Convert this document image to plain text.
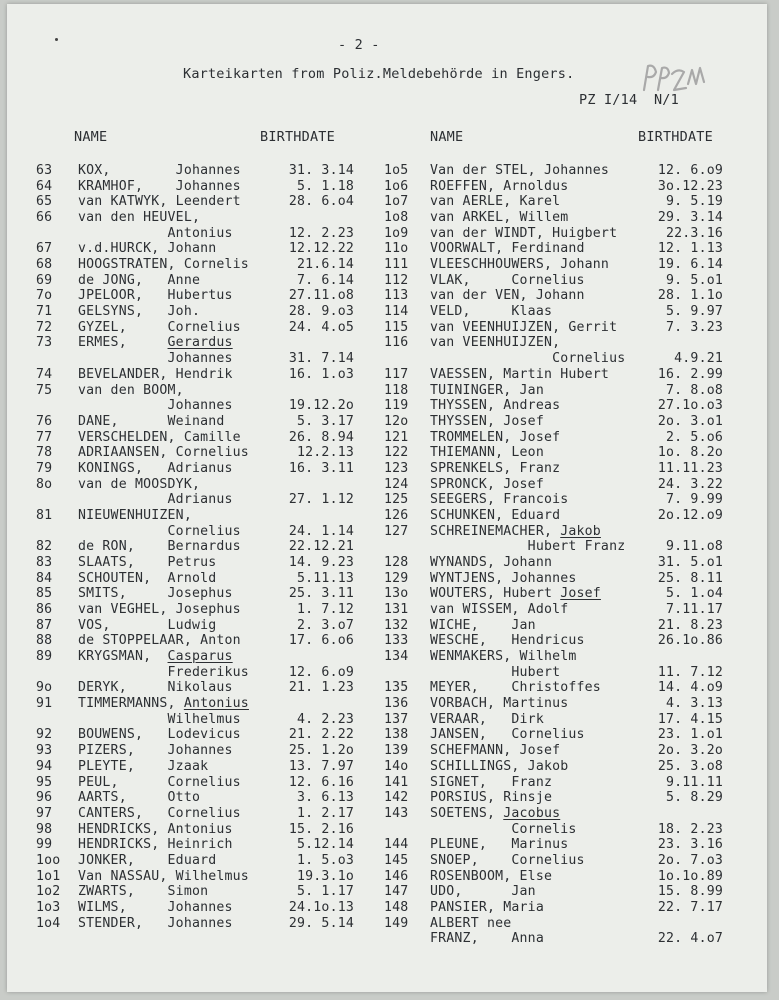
- 2 -
Karteikarten from Poliz.Meldebehörde in Engers.
PZ I/14  N/1
NAME	BIRTHDATE	NAME	BIRTHDATE
63 KOX,        Johannes	31. 3.14
64 KRAMHOF,    Johannes	5. 1.18
65 van KATWYK, Leendert	28. 6.o4
66 van den HEUVEL,
Antonius	12. 2.23
67 v.d.HURCK, Johann	12.12.22
68 HOOGSTRATEN, Cornelis	21.6.14
69 de JONG,   Anne	7. 6.14
7o JPELOOR,   Hubertus	27.11.o8
71 GELSYNS,   Joh.	28. 9.o3
72 GYZEL,     Cornelius	24. 4.o5
73 ERMES,     Gerardus
Johannes	31. 7.14
74 BEVELANDER, Hendrik	16. 1.o3
75 van den BOOM,
Johannes	19.12.2o
76 DANE,      Weinand	5. 3.17
77 VERSCHELDEN, Camille	26. 8.94
78 ADRIAANSEN, Cornelius	12.2.13
79 KONINGS,   Adrianus	16. 3.11
8o van de MOOSDYK,
Adrianus	27. 1.12
81 NIEUWENHUIZEN,
Cornelius	24. 1.14
82 de RON,    Bernardus	22.12.21
83 SLAATS,    Petrus	14. 9.23
84 SCHOUTEN,  Arnold	5.11.13
85 SMITS,     Josephus	25. 3.11
86 van VEGHEL, Josephus	1. 7.12
87 VOS,       Ludwig	2. 3.o7
88 de STOPPELAAR, Anton	17. 6.o6
89 KRYGSMAN,  Casparus
Frederikus	12. 6.o9
9o DERYK,     Nikolaus	21. 1.23
91 TIMMERMANNS, Antonius
Wilhelmus	4. 2.23
92 BOUWENS,   Lodevicus	21. 2.22
93 PIZERS,    Johannes	25. 1.2o
94 PLEYTE,    Jzaak	13. 7.97
95 PEUL,      Cornelius	12. 6.16
96 AARTS,     Otto	3. 6.13
97 CANTERS,   Cornelius	1. 2.17
98 HENDRICKS, Antonius	15. 2.16
99 HENDRICKS, Heinrich	5.12.14
1oo JONKER,    Eduard	1. 5.o3
1o1 Van NASSAU, Wilhelmus	19.3.1o
1o2 ZWARTS,    Simon	5. 1.17
1o3 WILMS,     Johannes	24.1o.13
1o4 STENDER,   Johannes	29. 5.14
1o5 Van der STEL, Johannes	12. 6.o9
1o6 ROEFFEN, Arnoldus	3o.12.23
1o7 van AERLE, Karel	9. 5.19
1o8 van ARKEL, Willem	29. 3.14
1o9 van der WINDT, Huigbert	22.3.16
11o VOORWALT, Ferdinand	12. 1.13
111 VLEESCHHOUWERS, Johann	19. 6.14
112 VLAK,     Cornelius	9. 5.o1
113 van der VEN, Johann	28. 1.1o
114 VELD,     Klaas	5. 9.97
115 van VEENHUIJZEN, Gerrit	7. 3.23
116 van VEENHUIJZEN,
Cornelius	4.9.21
117 VAESSEN, Martin Hubert	16. 2.99
118 TUININGER, Jan	7. 8.o8
119 THYSSEN, Andreas	27.1o.o3
12o THYSSEN, Josef	2o. 3.o1
121 TROMMELEN, Josef	2. 5.o6
122 THIEMANN, Leon	1o. 8.2o
123 SPRENKELS, Franz	11.11.23
124 SPRONCK, Josef	24. 3.22
125 SEEGERS, Francois	7. 9.99
126 SCHUNKEN, Eduard	2o.12.o9
127 SCHREINEMACHER, Jakob
Hubert Franz	9.11.o8
128 WYNANDS, Johann	31. 5.o1
129 WYNTJENS, Johannes	25. 8.11
13o WOUTERS, Hubert Josef	5. 1.o4
131 van WISSEM, Adolf	7.11.17
132 WICHE,    Jan	21. 8.23
133 WESCHE,   Hendricus	26.1o.86
134 WENMAKERS, Wilhelm
Hubert	11. 7.12
135 MEYER,    Christoffes	14. 4.o9
136 VORBACH, Martinus	4. 3.13
137 VERAAR,   Dirk	17. 4.15
138 JANSEN,   Cornelius	23. 1.o1
139 SCHEFMANN, Josef	2o. 3.2o
14o SCHILLINGS, Jakob	25. 3.o8
141 SIGNET,   Franz	9.11.11
142 PORSIUS, Rinsje	5. 8.29
143 SOETENS, Jacobus
Cornelis	18. 2.23
144 PLEUNE,   Marinus	23. 3.16
145 SNOEP,    Cornelius	2o. 7.o3
146 ROSENBOOM, Else	1o.1o.89
147 UDO,      Jan	15. 8.99
148 PANSIER, Maria	22. 7.17
149 ALBERT nee
FRANZ,    Anna	22. 4.o7
